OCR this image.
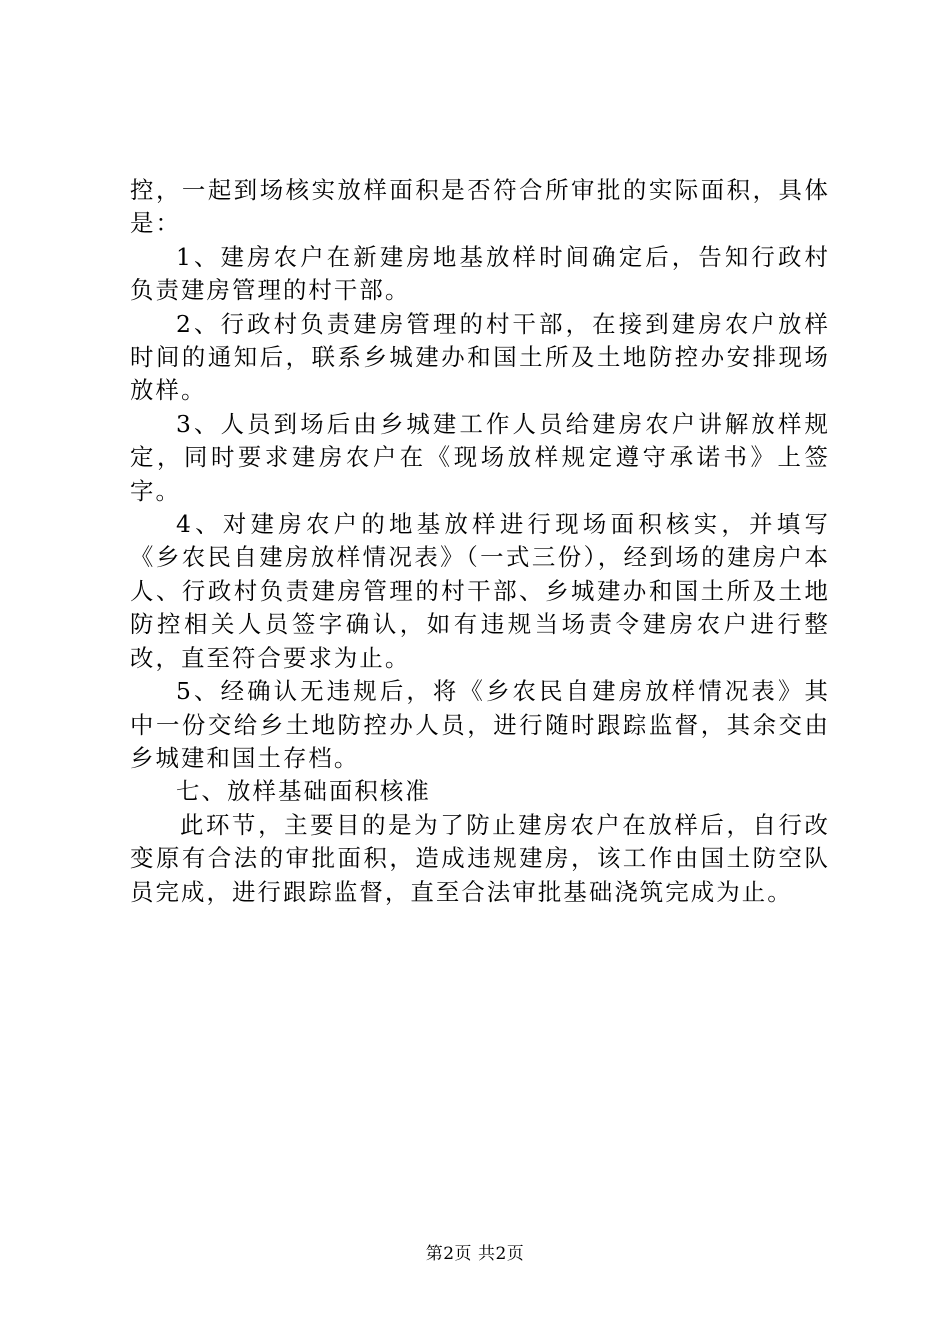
控，一起到场核实放样面积是否符合所审批的实际面积，具体是：

1、建房农户在新建房地基放样时间确定后，告知行政村负责建房管理的村干部。

2、行政村负责建房管理的村干部，在接到建房农户放样时间的通知后，联系乡城建办和国土所及土地防控办安排现场放样。

3、人员到场后由乡城建工作人员给建房农户讲解放样规定，同时要求建房农户在《现场放样规定遵守承诺书》上签字。

4、对建房农户的地基放样进行现场面积核实，并填写《乡农民自建房放样情况表》（一式三份），经到场的建房户本人、行政村负责建房管理的村干部、乡城建办和国土所及土地防控相关人员签字确认，如有违规当场责令建房农户进行整改，直至符合要求为止。

5、经确认无违规后，将《乡农民自建房放样情况表》其中一份交给乡土地防控办人员，进行随时跟踪监督，其余交由乡城建和国土存档。

七、放样基础面积核准

此环节，主要目的是为了防止建房农户在放样后，自行改变原有合法的审批面积，造成违规建房，该工作由国土防空队员完成，进行跟踪监督，直至合法审批基础浇筑完成为止。

第2页 共2页
